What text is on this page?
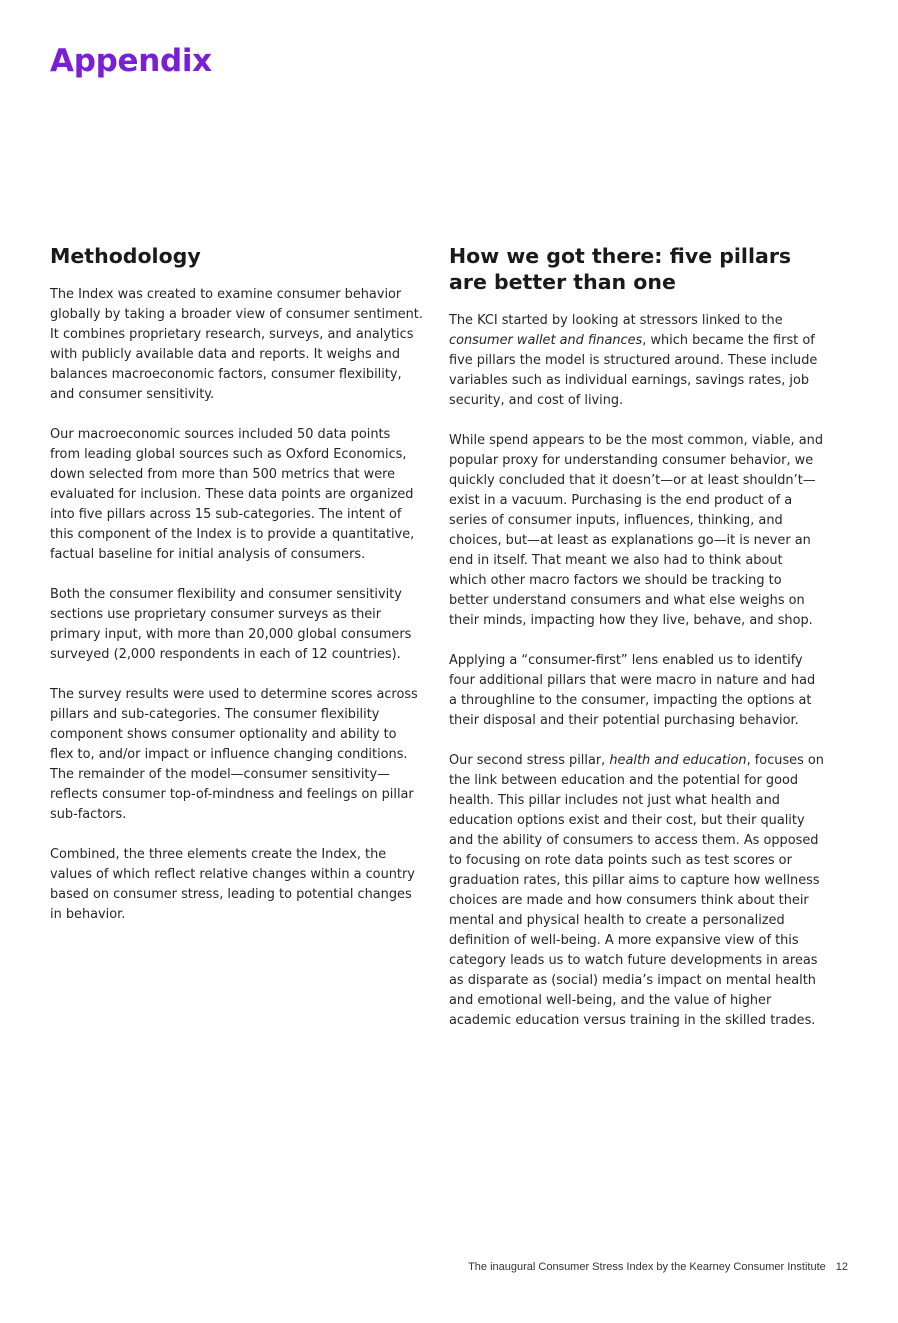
Appendix
Methodology

The Index was created to examine consumer behavior globally by taking a broader view of consumer sentiment. It combines proprietary research, surveys, and analytics with publicly available data and reports. It weighs and balances macroeconomic factors, consumer flexibility, and consumer sensitivity.

Our macroeconomic sources included 50 data points from leading global sources such as Oxford Economics, down selected from more than 500 metrics that were evaluated for inclusion. These data points are organized into five pillars across 15 sub-categories. The intent of this component of the Index is to provide a quantitative, factual baseline for initial analysis of consumers.

Both the consumer flexibility and consumer sensitivity sections use proprietary consumer surveys as their primary input, with more than 20,000 global consumers surveyed (2,000 respondents in each of 12 countries).

The survey results were used to determine scores across pillars and sub-categories. The consumer flexibility component shows consumer optionality and ability to flex to, and/or impact or influence changing conditions. The remainder of the model—consumer sensitivity—reflects consumer top-of-mindness and feelings on pillar sub-factors.

Combined, the three elements create the Index, the values of which reflect relative changes within a country based on consumer stress, leading to potential changes in behavior.

How we got there: five pillars are better than one

The KCI started by looking at stressors linked to the consumer wallet and finances, which became the first of five pillars the model is structured around. These include variables such as individual earnings, savings rates, job security, and cost of living.

While spend appears to be the most common, viable, and popular proxy for understanding consumer behavior, we quickly concluded that it doesn’t—or at least shouldn’t—exist in a vacuum. Purchasing is the end product of a series of consumer inputs, influences, thinking, and choices, but—at least as explanations go—it is never an end in itself. That meant we also had to think about which other macro factors we should be tracking to better understand consumers and what else weighs on their minds, impacting how they live, behave, and shop.

Applying a “consumer-first” lens enabled us to identify four additional pillars that were macro in nature and had a throughline to the consumer, impacting the options at their disposal and their potential purchasing behavior.

Our second stress pillar, health and education, focuses on the link between education and the potential for good health. This pillar includes not just what health and education options exist and their cost, but their quality and the ability of consumers to access them. As opposed to focusing on rote data points such as test scores or graduation rates, this pillar aims to capture how wellness choices are made and how consumers think about their mental and physical health to create a personalized definition of well-being. A more expansive view of this category leads us to watch future developments in areas as disparate as (social) media’s impact on mental health and emotional well-being, and the value of higher academic education versus training in the skilled trades.

The inaugural Consumer Stress Index by the Kearney Consumer Institute 12
